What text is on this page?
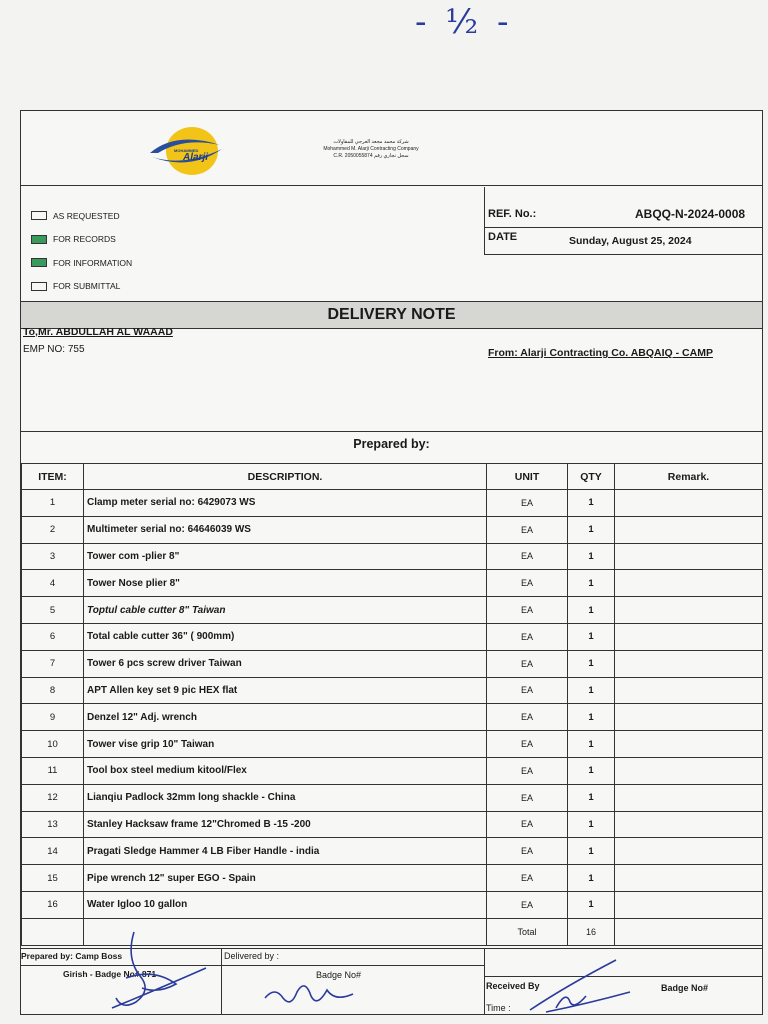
- ½ -
MOHAMMED
Alarji
شركة محمد مجعد العرجي للمقاولات
Mohammed M. Alarji Contracting Company
C.R. 2050055874 سجل تجاري رقم
AS REQUESTED
FOR RECORDS
FOR INFORMATION
FOR SUBMITTAL
REF. No.:	ABQQ-N-2024-0008
DATE	Sunday, August 25, 2024
DELIVERY NOTE
To,Mr. ABDULLAH AL WAAAD
EMP NO: 755	From: Alarji Contracting Co. ABQAIQ - CAMP
Prepared by:
ITEM:	DESCRIPTION.	UNIT	QTY	Remark.
1	Clamp meter serial no: 6429073 WS	EA	1	
2	Multimeter serial no: 64646039 WS	EA	1	
3	Tower com -plier 8"	EA	1	
4	Tower Nose plier 8"	EA	1	
5	Toptul cable cutter 8" Taiwan	EA	1	
6	Total cable cutter 36" ( 900mm)	EA	1	
7	Tower 6 pcs screw driver Taiwan	EA	1	
8	APT Allen key set 9 pic HEX flat	EA	1	
9	Denzel 12" Adj. wrench	EA	1	
10	Tower vise grip 10" Taiwan	EA	1	
11	Tool box steel medium kitool/Flex	EA	1	
12	Lianqiu Padlock 32mm long shackle - China	EA	1	
13	Stanley Hacksaw frame 12"Chromed B -15 -200	EA	1	
14	Pragati Sledge Hammer 4 LB Fiber Handle - india	EA	1	
15	Pipe wrench 12" super EGO - Spain	EA	1	
16	Water Igloo 10 gallon	EA	1	
		Total	16	
Prepared by: Camp Boss
Girish - Badge No# 871
Delivered by :
Badge No#
Received By	Badge No#
Time :
